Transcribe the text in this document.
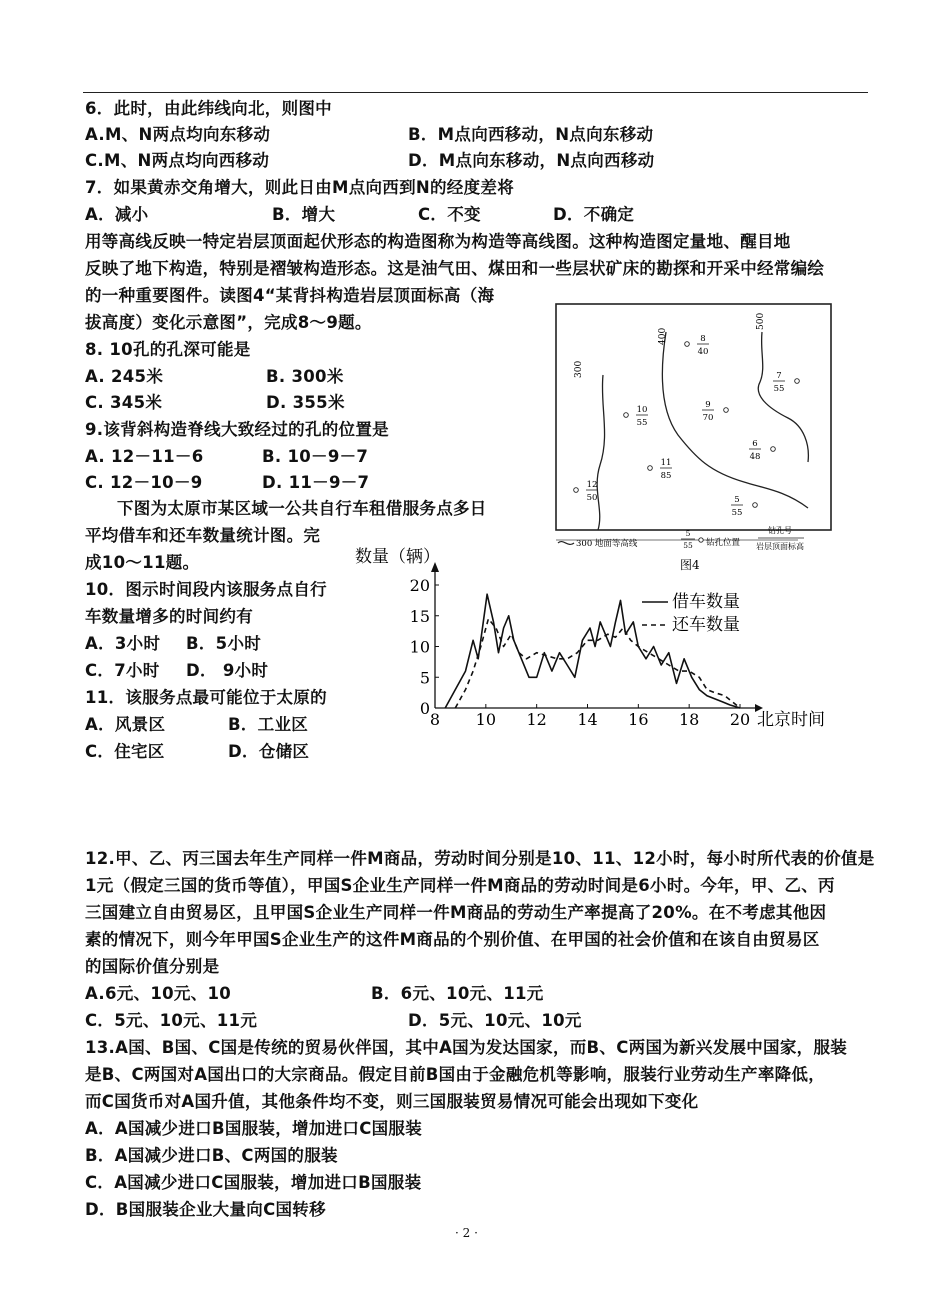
6．此时，由此纬线向北，则图中
A.M、N两点均向东移动	B．M点向西移动，N点向东移动
C.M、N两点均向西移动	D．M点向东移动，N点向西移动
7．如果黄赤交角增大，则此日由M点向西到N的经度差将
A．减小	B．增大	C．不变	D．不确定
用等高线反映一特定岩层顶面起伏形态的构造图称为构造等高线图。这种构造图定量地、醒目地
反映了地下构造，特别是褶皱构造形态。这是油气田、煤田和一些层状矿床的勘探和开采中经常编绘
的一种重要图件。读图4“某背抖构造岩层顶面标高（海
拔高度）变化示意图”，完成8～9题。
8. 10孔的孔深可能是
A. 245米	B. 300米
C. 345米	D. 355米
9.该背斜构造脊线大致经过的孔的位置是
A. 12－11－6	B. 10－9－7
C. 12－10－9	D. 11－9－7
下图为太原市某区域一公共自行车租借服务点多日
平均借车和还车数量统计图。完
成10～11题。
10．图示时间段内该服务点自行
车数量增多的时间约有
A．3小时 B．5小时
C．7小时 D． 9小时
11．该服务点最可能位于太原的
A．风景区	B．工业区
C．住宅区	D．仓储区
12.甲、乙、丙三国去年生产同样一件M商品，劳动时间分别是10、11、12小时，每小时所代表的价值是
1元（假定三国的货币等值），甲国S企业生产同样一件M商品的劳动时间是6小时。今年，甲、乙、丙
三国建立自由贸易区，且甲国S企业生产同样一件M商品的劳动生产率提高了20%。在不考虑其他因
素的情况下，则今年甲国S企业生产的这件M商品的个别价值、在甲国的社会价值和在该自由贸易区
的国际价值分别是
A.6元、10元、10	B．6元、10元、11元
C．5元、10元、11元	D．5元、10元、10元
13.A国、B国、C国是传统的贸易伙伴国，其中A国为发达国家，而B、C两国为新兴发展中国家，服装
是B、C两国对A国出口的大宗商品。假定目前B国由于金融危机等影响，服装行业劳动生产率降低，
而C国货币对A国升值，其他条件均不变，则三国服装贸易情况可能会出现如下变化
A．A国减少进口B国服装，增加进口C国服装
B．A国减少进口B、C两国的服装
C．A国减少进口C国服装，增加进口B国服装
D．B国服装企业大量向C国转移
· 2 ·
300
400
500
8
40
7
55
10
55
9
70
6
48
11
85
12
50	5
55
300 地面等高线
5
55 钻孔位置
钻孔号
岩层顶面标高
图4
0
5
10
15
20
8 10 12 14 16 18 20
数量（辆）
北京时间
借车数量
还车数量
